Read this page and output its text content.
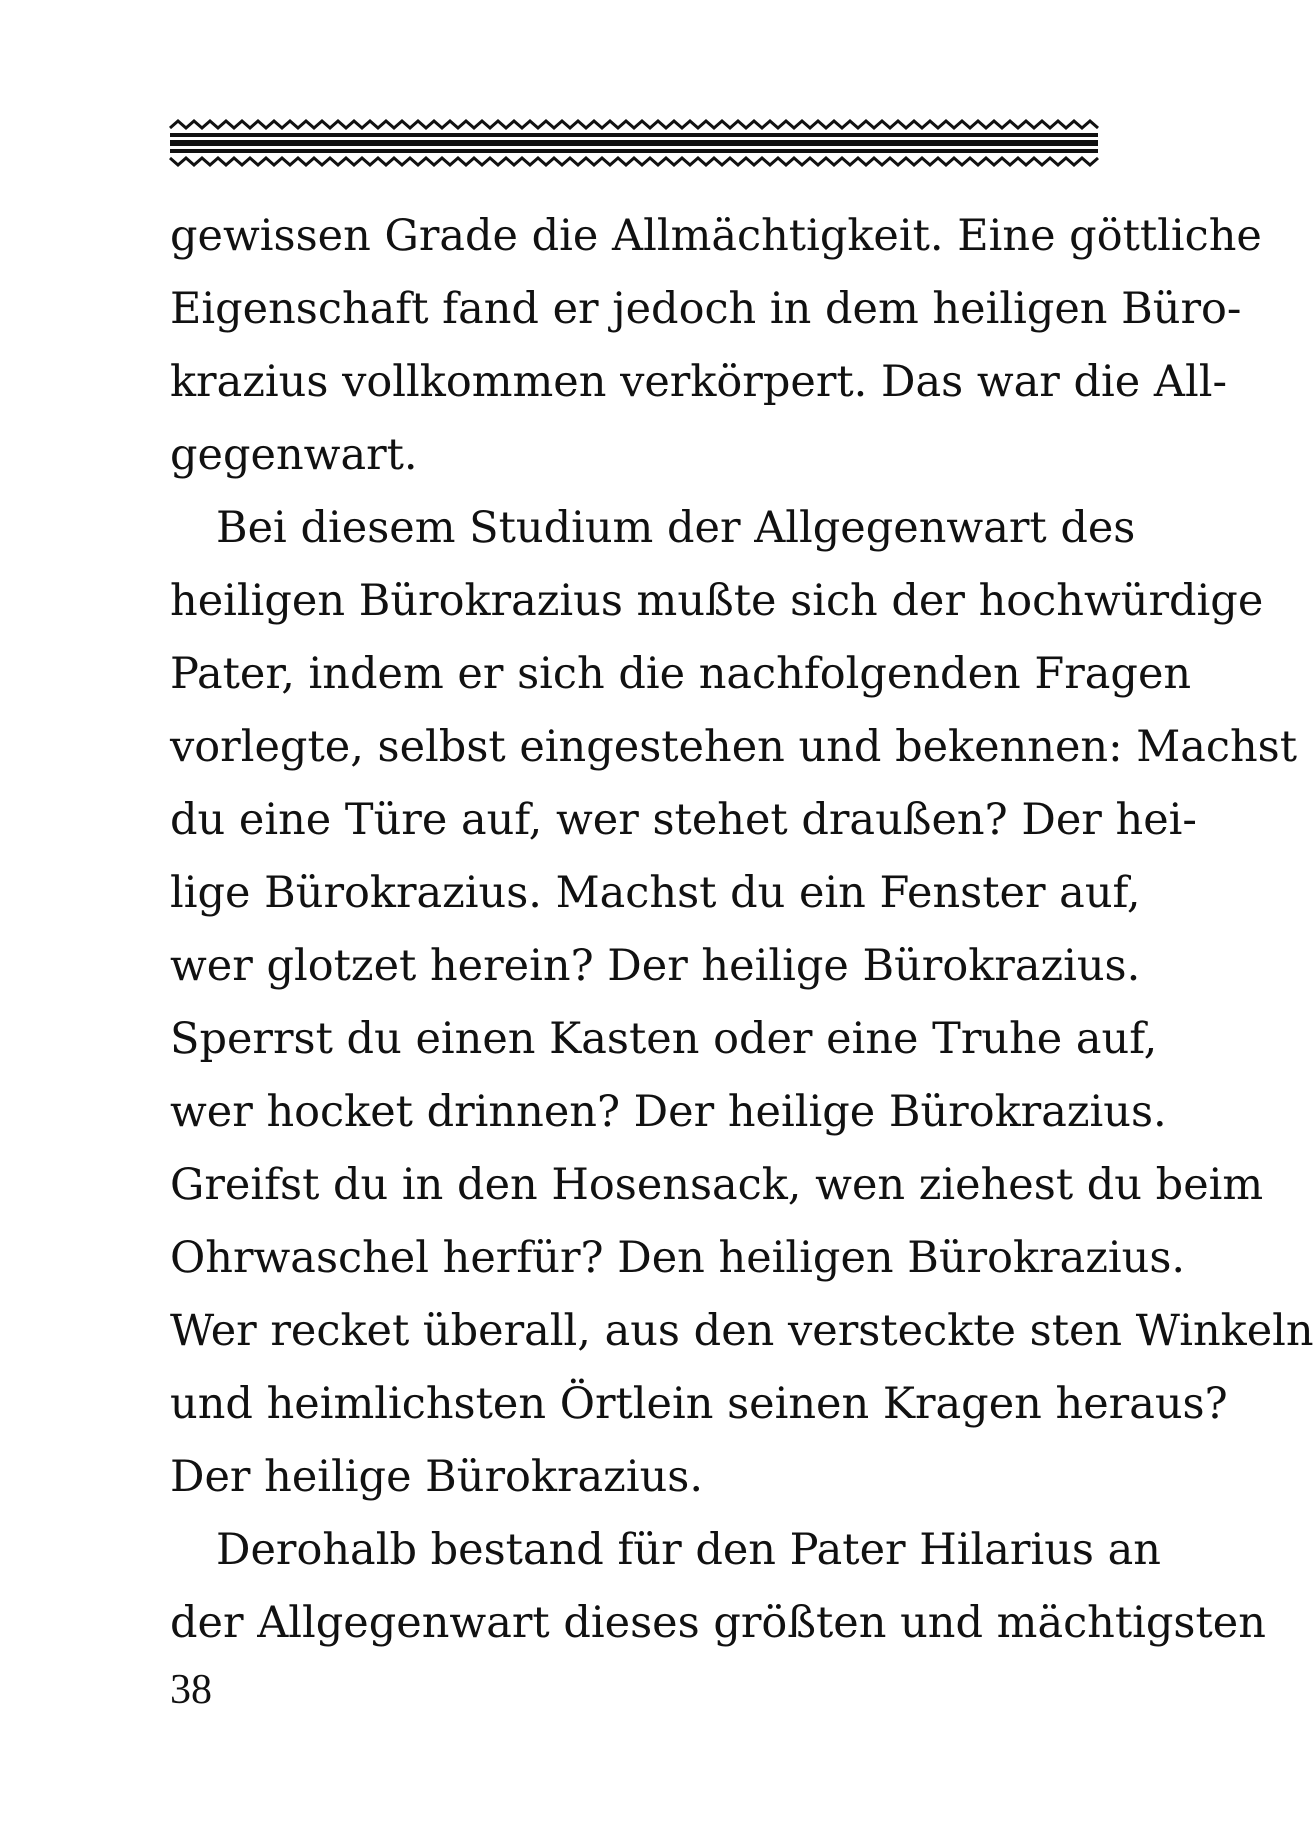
gewissen Grade die Allmächtigkeit. Eine göttliche
Eigenschaft fand er jedoch in dem heiligen Büro-
krazius vollkommen verkörpert. Das war die All-
gegenwart.
Bei diesem Studium der Allgegenwart des
heiligen Bürokrazius mußte sich der hochwürdige
Pater, indem er sich die nachfolgenden Fragen
vorlegte, selbst eingestehen und bekennen: Machst
du eine Türe auf, wer stehet draußen? Der hei-
lige Bürokrazius. Machst du ein Fenster auf,
wer glotzet herein? Der heilige Bürokrazius.
Sperrst du einen Kasten oder eine Truhe auf,
wer hocket drinnen? Der heilige Bürokrazius.
Greifst du in den Hosensack, wen ziehest du beim
Ohrwaschel herfür? Den heiligen Bürokrazius.
Wer recket überall, aus den versteckte sten Winkeln
und heimlichsten Örtlein seinen Kragen heraus?
Der heilige Bürokrazius.
Derohalb bestand für den Pater Hilarius an
der Allgegenwart dieses größten und mächtigsten
38
